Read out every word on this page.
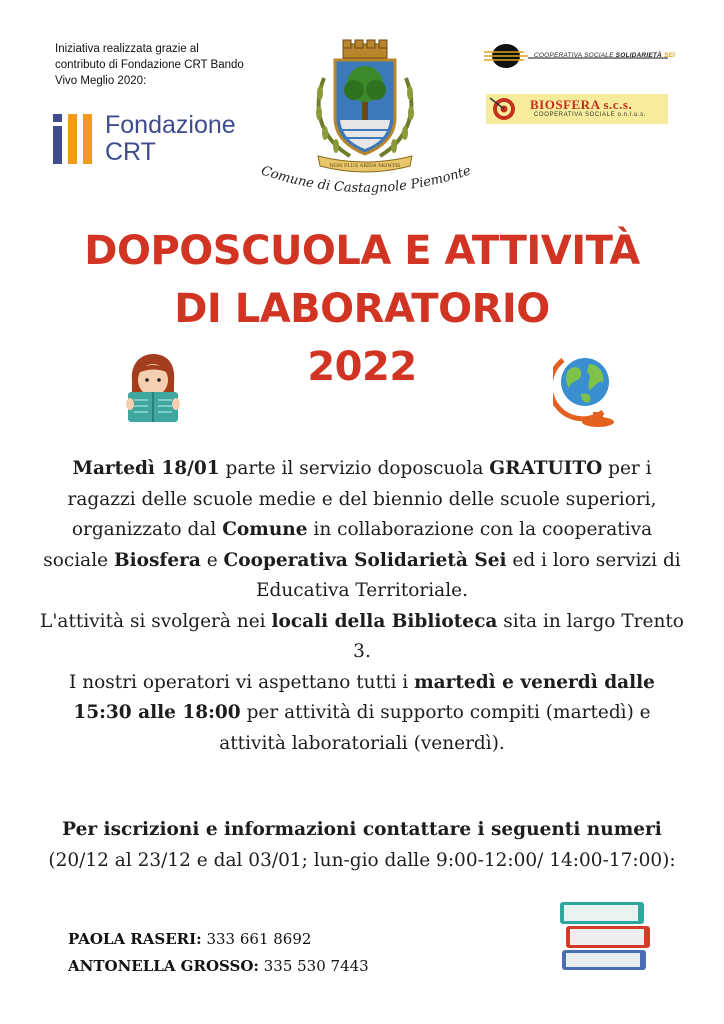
Iniziativa realizzata grazie al
contributo di Fondazione CRT Bando
Vivo Meglio 2020:
Fondazione
CRT	NON PLUS ARIDA MONTIS
Comune di Castagnole Piemonte
COOPERATIVA SOCIALE SOLIDARIETÀ SEI
BIOSFERA s.c.s.
COOPERATIVA SOCIALE o.n.l.u.s.
DOPOSCUOLA E ATTIVITÀ
DI LABORATORIO
2022

Martedì 18/01 parte il servizio doposcuola GRATUITO per i ragazzi delle scuole medie e del biennio delle scuole superiori, organizzato dal Comune in collaborazione con la cooperativa sociale Biosfera e Cooperativa Solidarietà Sei ed i loro servizi di Educativa Territoriale.

L'attività si svolgerà nei locali della Biblioteca sita in largo Trento 3.

I nostri operatori vi aspettano tutti i martedì e venerdì dalle 15:30 alle 18:00 per attività di supporto compiti (martedì) e attività laboratoriali (venerdì).

Per iscrizioni e informazioni contattare i seguenti numeri (20/12 al 23/12 e dal 03/01; lun-gio dalle 9:00-12:00/ 14:00-17:00):

PAOLA RASERI: 333 661 8692
ANTONELLA GROSSO: 335 530 7443
